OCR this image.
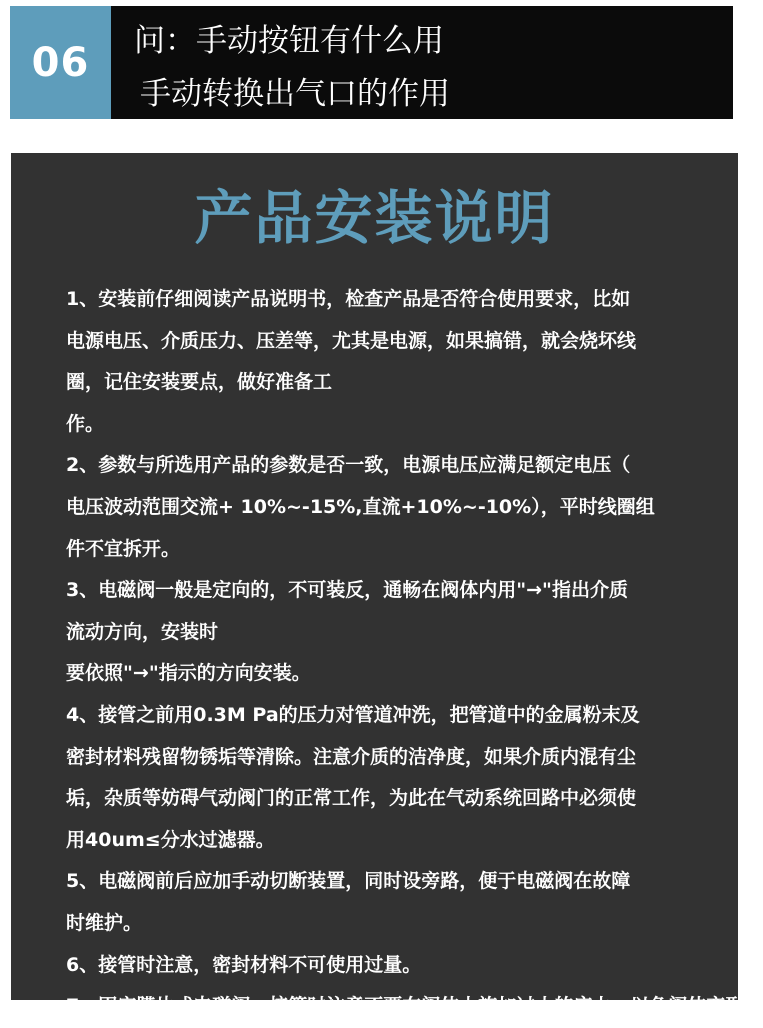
06 问：手动按钮有什么用
手动转换出气口的作用
产品安装说明
1、安装前仔细阅读产品说明书，检查产品是否符合使用要求，比如
电源电压、介质压力、压差等，尤其是电源，如果搞错，就会烧坏线
圈，记住安装要点，做好准备工
作。
2、参数与所选用产品的参数是否一致，电源电压应满足额定电压（
电压波动范围交流+ 10%~-15%,直流+10%~-10%），平时线圈组
件不宜拆开。
3、电磁阀一般是定向的，不可装反，通畅在阀体内用"→"指出介质
流动方向，安装时
要依照"→"指示的方向安装。
4、接管之前用0.3M Pa的压力对管道冲洗，把管道中的金属粉末及
密封材料残留物锈垢等清除。注意介质的洁净度，如果介质内混有尘
垢，杂质等妨碍气动阀门的正常工作，为此在气动系统回路中必须使
用40um≤分水过滤器。
5、电磁阀前后应加手动切断装置，同时设旁路，便于电磁阀在故障
时维护。
6、接管时注意，密封材料不可使用过量。
7、固定膜片式电磁阀，接管时注意不要在阀体上施加过大的应力，以免阀体变形。
